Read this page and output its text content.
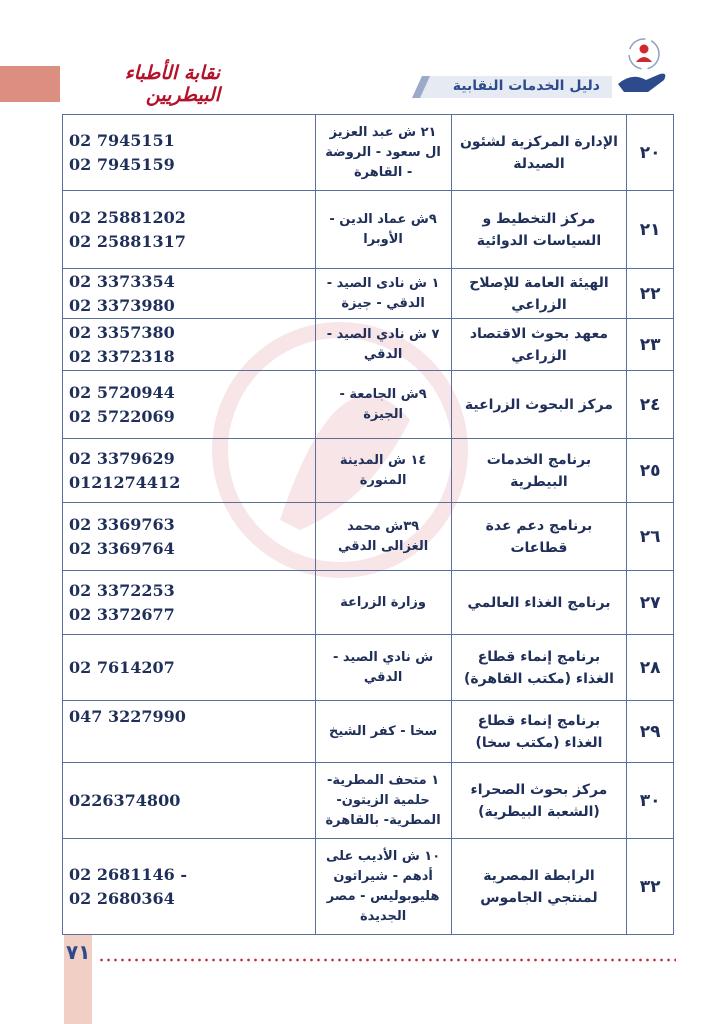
نقابة الأطباء البيطريين	دليل الخدمات النقابية
٢٠	الإدارة المركزية لشئون الصيدلة	٢١ ش عبد العزيز ال سعود - الروضة - القاهرة	02 7945151
02 7945159
٢١	مركز التخطيط و السياسات الدوائية	٩ش عماد الدين - الأوبرا	02 25881202
02 25881317
٢٢	الهيئة العامة للإصلاح الزراعي	١ ش نادى الصيد - الدقي - جيزة	02 3373354
02 3373980
٢٣	معهد بحوث الاقتصاد الزراعي	٧ ش نادي الصيد - الدقي	02 3357380
02 3372318
٢٤	مركز البحوث الزراعية	٩ش الجامعة - الجيزة	02 5720944
02 5722069
٢٥	برنامج الخدمات البيطرية	١٤ ش المدينة المنورة	02 3379629
0121274412
٢٦	برنامج دعم عدة قطاعات	٣٩ش محمد الغزالى الدقي	02 3369763
02 3369764
٢٧	برنامج الغذاء العالمي	وزارة الزراعة	02 3372253
02 3372677
٢٨	برنامج إنماء قطاع الغذاء (مكتب القاهرة)	ش نادي الصيد - الدقي	02 7614207
٢٩	برنامج إنماء قطاع الغذاء (مكتب سخا)	سخا - كفر الشيخ	047 3227990
٣٠	مركز بحوث الصحراء (الشعبة البيطرية)	١ متحف المطرية- حلمية الزيتون- المطرية- بالقاهرة	0226374800
٣٢	الرابطة المصرية لمنتجي الجاموس	١٠ ش الأديب على أدهم - شيراتون هليوبوليس - مصر الجديدة	02 2681146 -
02 2680364
٧١
